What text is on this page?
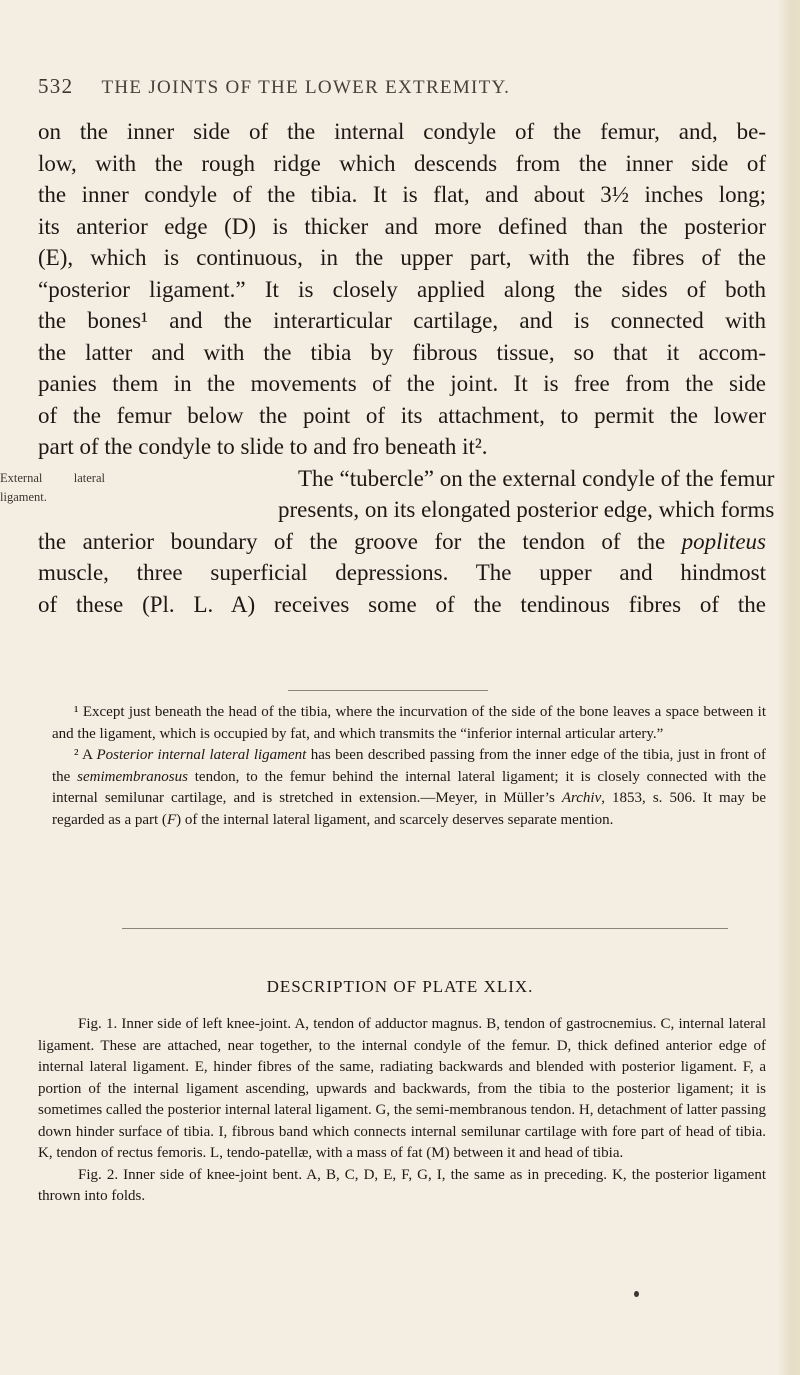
532 THE JOINTS OF THE LOWER EXTREMITY.
on the inner side of the internal condyle of the femur, and, be-
low, with the rough ridge which descends from the inner side of
the inner condyle of the tibia. It is flat, and about 3½ inches long;
its anterior edge (D) is thicker and more defined than the posterior
(E), which is continuous, in the upper part, with the fibres of the
“posterior ligament.” It is closely applied along the sides of both
the bones¹ and the interarticular cartilage, and is connected with
the latter and with the tibia by fibrous tissue, so that it accom-
panies them in the movements of the joint. It is free from the side
of the femur below the point of its attachment, to permit the lower
part of the condyle to slide to and fro beneath it².
External lateral
ligament.
The “tubercle” on the external condyle of the femur
presents, on its elongated posterior edge, which forms
the anterior boundary of the groove for the tendon of the popliteus
muscle, three superficial depressions. The upper and hindmost
of these (Pl. L. A) receives some of the tendinous fibres of the

¹ Except just beneath the head of the tibia, where the incurvation of the side of the bone leaves a space between it and the ligament, which is occupied by fat, and which transmits the “inferior internal articular artery.”

² A Posterior internal lateral ligament has been described passing from the inner edge of the tibia, just in front of the semimembranosus tendon, to the femur behind the internal lateral ligament; it is closely connected with the internal semilunar cartilage, and is stretched in extension.—Meyer, in Müller’s Archiv, 1853, s. 506. It may be regarded as a part (F) of the internal lateral ligament, and scarcely deserves separate mention.

DESCRIPTION OF PLATE XLIX.

Fig. 1. Inner side of left knee-joint. A, tendon of adductor magnus. B, tendon of gastrocnemius. C, internal lateral ligament. These are attached, near together, to the internal condyle of the femur. D, thick defined anterior edge of internal lateral ligament. E, hinder fibres of the same, radiating backwards and blended with posterior ligament. F, a portion of the internal ligament ascending, upwards and backwards, from the tibia to the posterior ligament; it is sometimes called the posterior internal lateral ligament. G, the semi-membranous tendon. H, detachment of latter passing down hinder surface of tibia. I, fibrous band which connects internal semilunar cartilage with fore part of head of tibia. K, tendon of rectus femoris. L, tendo-patellæ, with a mass of fat (M) between it and head of tibia.

Fig. 2. Inner side of knee-joint bent. A, B, C, D, E, F, G, I, the same as in preceding. K, the posterior ligament thrown into folds.
